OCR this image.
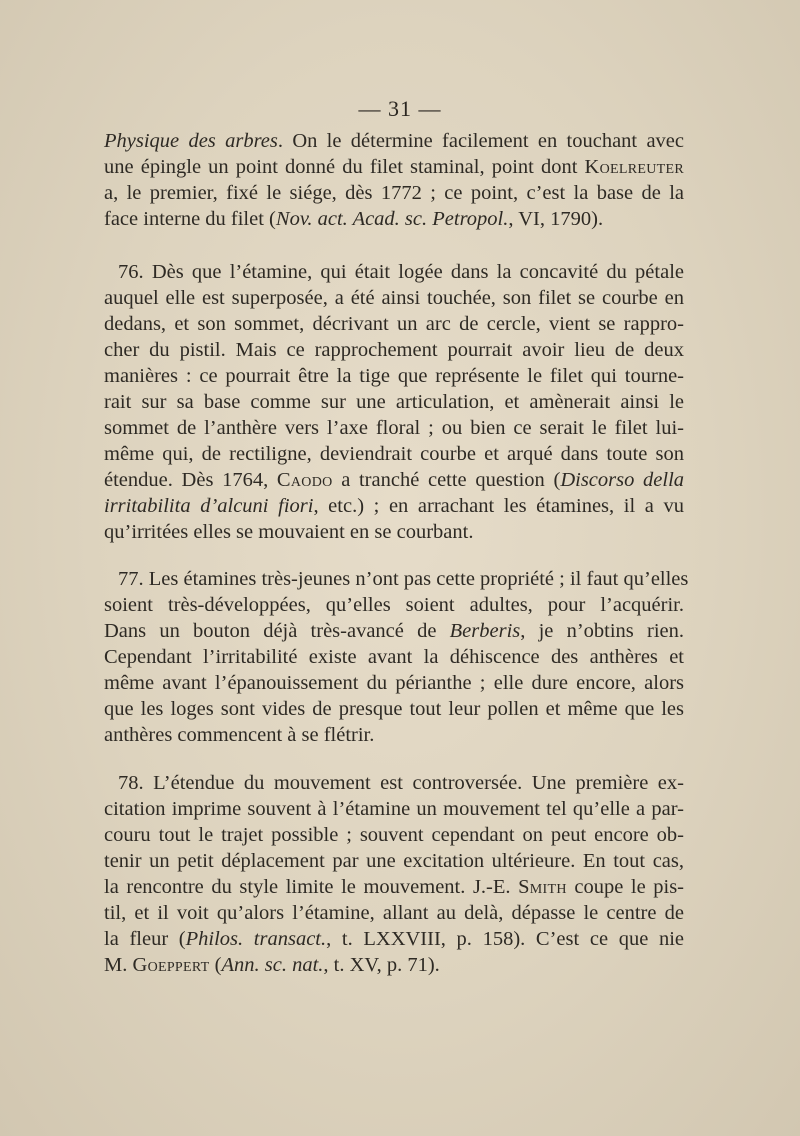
— 31 —
Physique des arbres. On le détermine facilement en touchant avec
une épingle un point donné du filet staminal, point dont Koelreuter
a, le premier, fixé le siége, dès 1772 ; ce point, c’est la base de la
face interne du filet (Nov. act. Acad. sc. Petropol., VI, 1790).
76. Dès que l’étamine, qui était logée dans la concavité du pétale
auquel elle est superposée, a été ainsi touchée, son filet se courbe en
dedans, et son sommet, décrivant un arc de cercle, vient se rappro-
cher du pistil. Mais ce rapprochement pourrait avoir lieu de deux
manières : ce pourrait être la tige que représente le filet qui tourne-
rait sur sa base comme sur une articulation, et amènerait ainsi le
sommet de l’anthère vers l’axe floral ; ou bien ce serait le filet lui-
même qui, de rectiligne, deviendrait courbe et arqué dans toute son
étendue. Dès 1764, Caodo a tranché cette question (Discorso della
irritabilita d’alcuni fiori, etc.) ; en arrachant les étamines, il a vu
qu’irritées elles se mouvaient en se courbant.
77. Les étamines très-jeunes n’ont pas cette propriété ; il faut qu’elles
soient très-développées, qu’elles soient adultes, pour l’acquérir.
Dans un bouton déjà très-avancé de Berberis, je n’obtins rien.
Cependant l’irritabilité existe avant la déhiscence des anthères et
même avant l’épanouissement du périanthe ; elle dure encore, alors
que les loges sont vides de presque tout leur pollen et même que les
anthères commencent à se flétrir.
78. L’étendue du mouvement est controversée. Une première ex-
citation imprime souvent à l’étamine un mouvement tel qu’elle a par-
couru tout le trajet possible ; souvent cependant on peut encore ob-
tenir un petit déplacement par une excitation ultérieure. En tout cas,
la rencontre du style limite le mouvement. J.-E. Smith coupe le pis-
til, et il voit qu’alors l’étamine, allant au delà, dépasse le centre de
la fleur (Philos. transact., t. LXXVIII, p. 158). C’est ce que nie
M. Goeppert (Ann. sc. nat., t. XV, p. 71).
